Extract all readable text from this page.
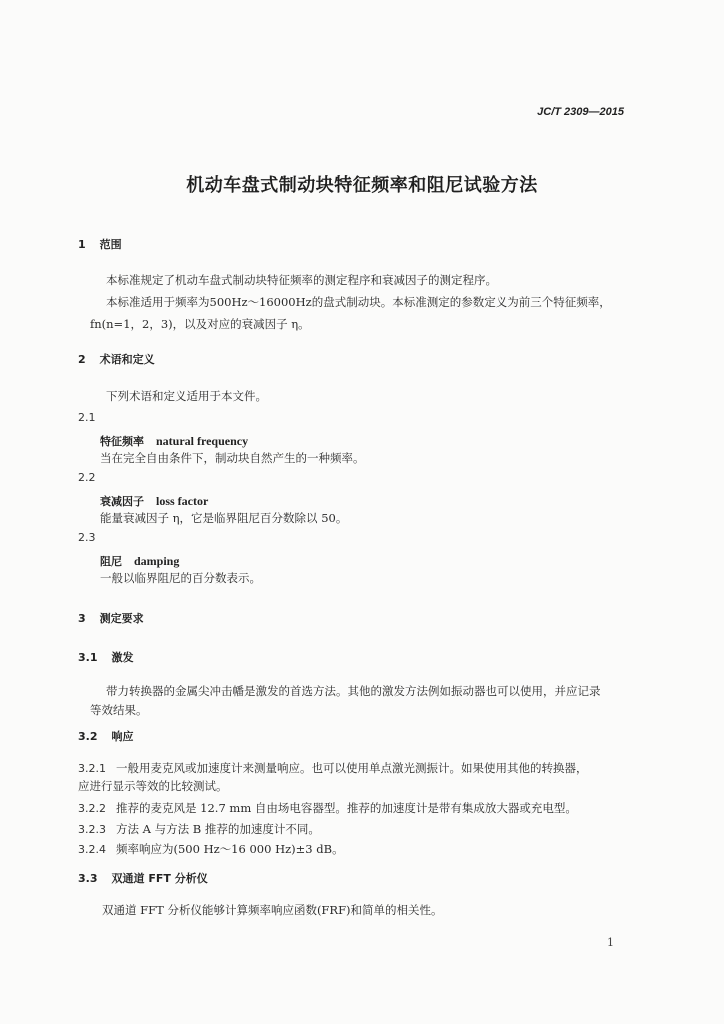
JC/T 2309—2015
机动车盘式制动块特征频率和阻尼试验方法
1 范围
本标准规定了机动车盘式制动块特征频率的测定程序和衰减因子的测定程序。
本标准适用于频率为500Hz～16000Hz的盘式制动块。本标准测定的参数定义为前三个特征频率，
fn(n=1，2，3)，以及对应的衰减因子 η。
2 术语和定义
下列术语和定义适用于本文件。
2.1
特征频率 natural frequency
当在完全自由条件下，制动块自然产生的一种频率。
2.2
衰减因子 loss factor
能量衰减因子 η，它是临界阻尼百分数除以 50。
2.3
阻尼 damping
一般以临界阻尼的百分数表示。
3 测定要求
3.1 激发
带力转换器的金属尖冲击幡是激发的首选方法。其他的激发方法例如振动器也可以使用，并应记录
等效结果。
3.2 响应
3.2.1 一般用麦克风或加速度计来测量响应。也可以使用单点激光测振计。如果使用其他的转换器，
应进行显示等效的比较测试。
3.2.2 推荐的麦克风是 12.7 mm 自由场电容器型。推荐的加速度计是带有集成放大器或充电型。
3.2.3 方法 A 与方法 B 推荐的加速度计不同。
3.2.4 频率响应为(500 Hz～16 000 Hz)±3 dB。
3.3 双通道 FFT 分析仪
双通道 FFT 分析仪能够计算频率响应函数(FRF)和简单的相关性。
1
